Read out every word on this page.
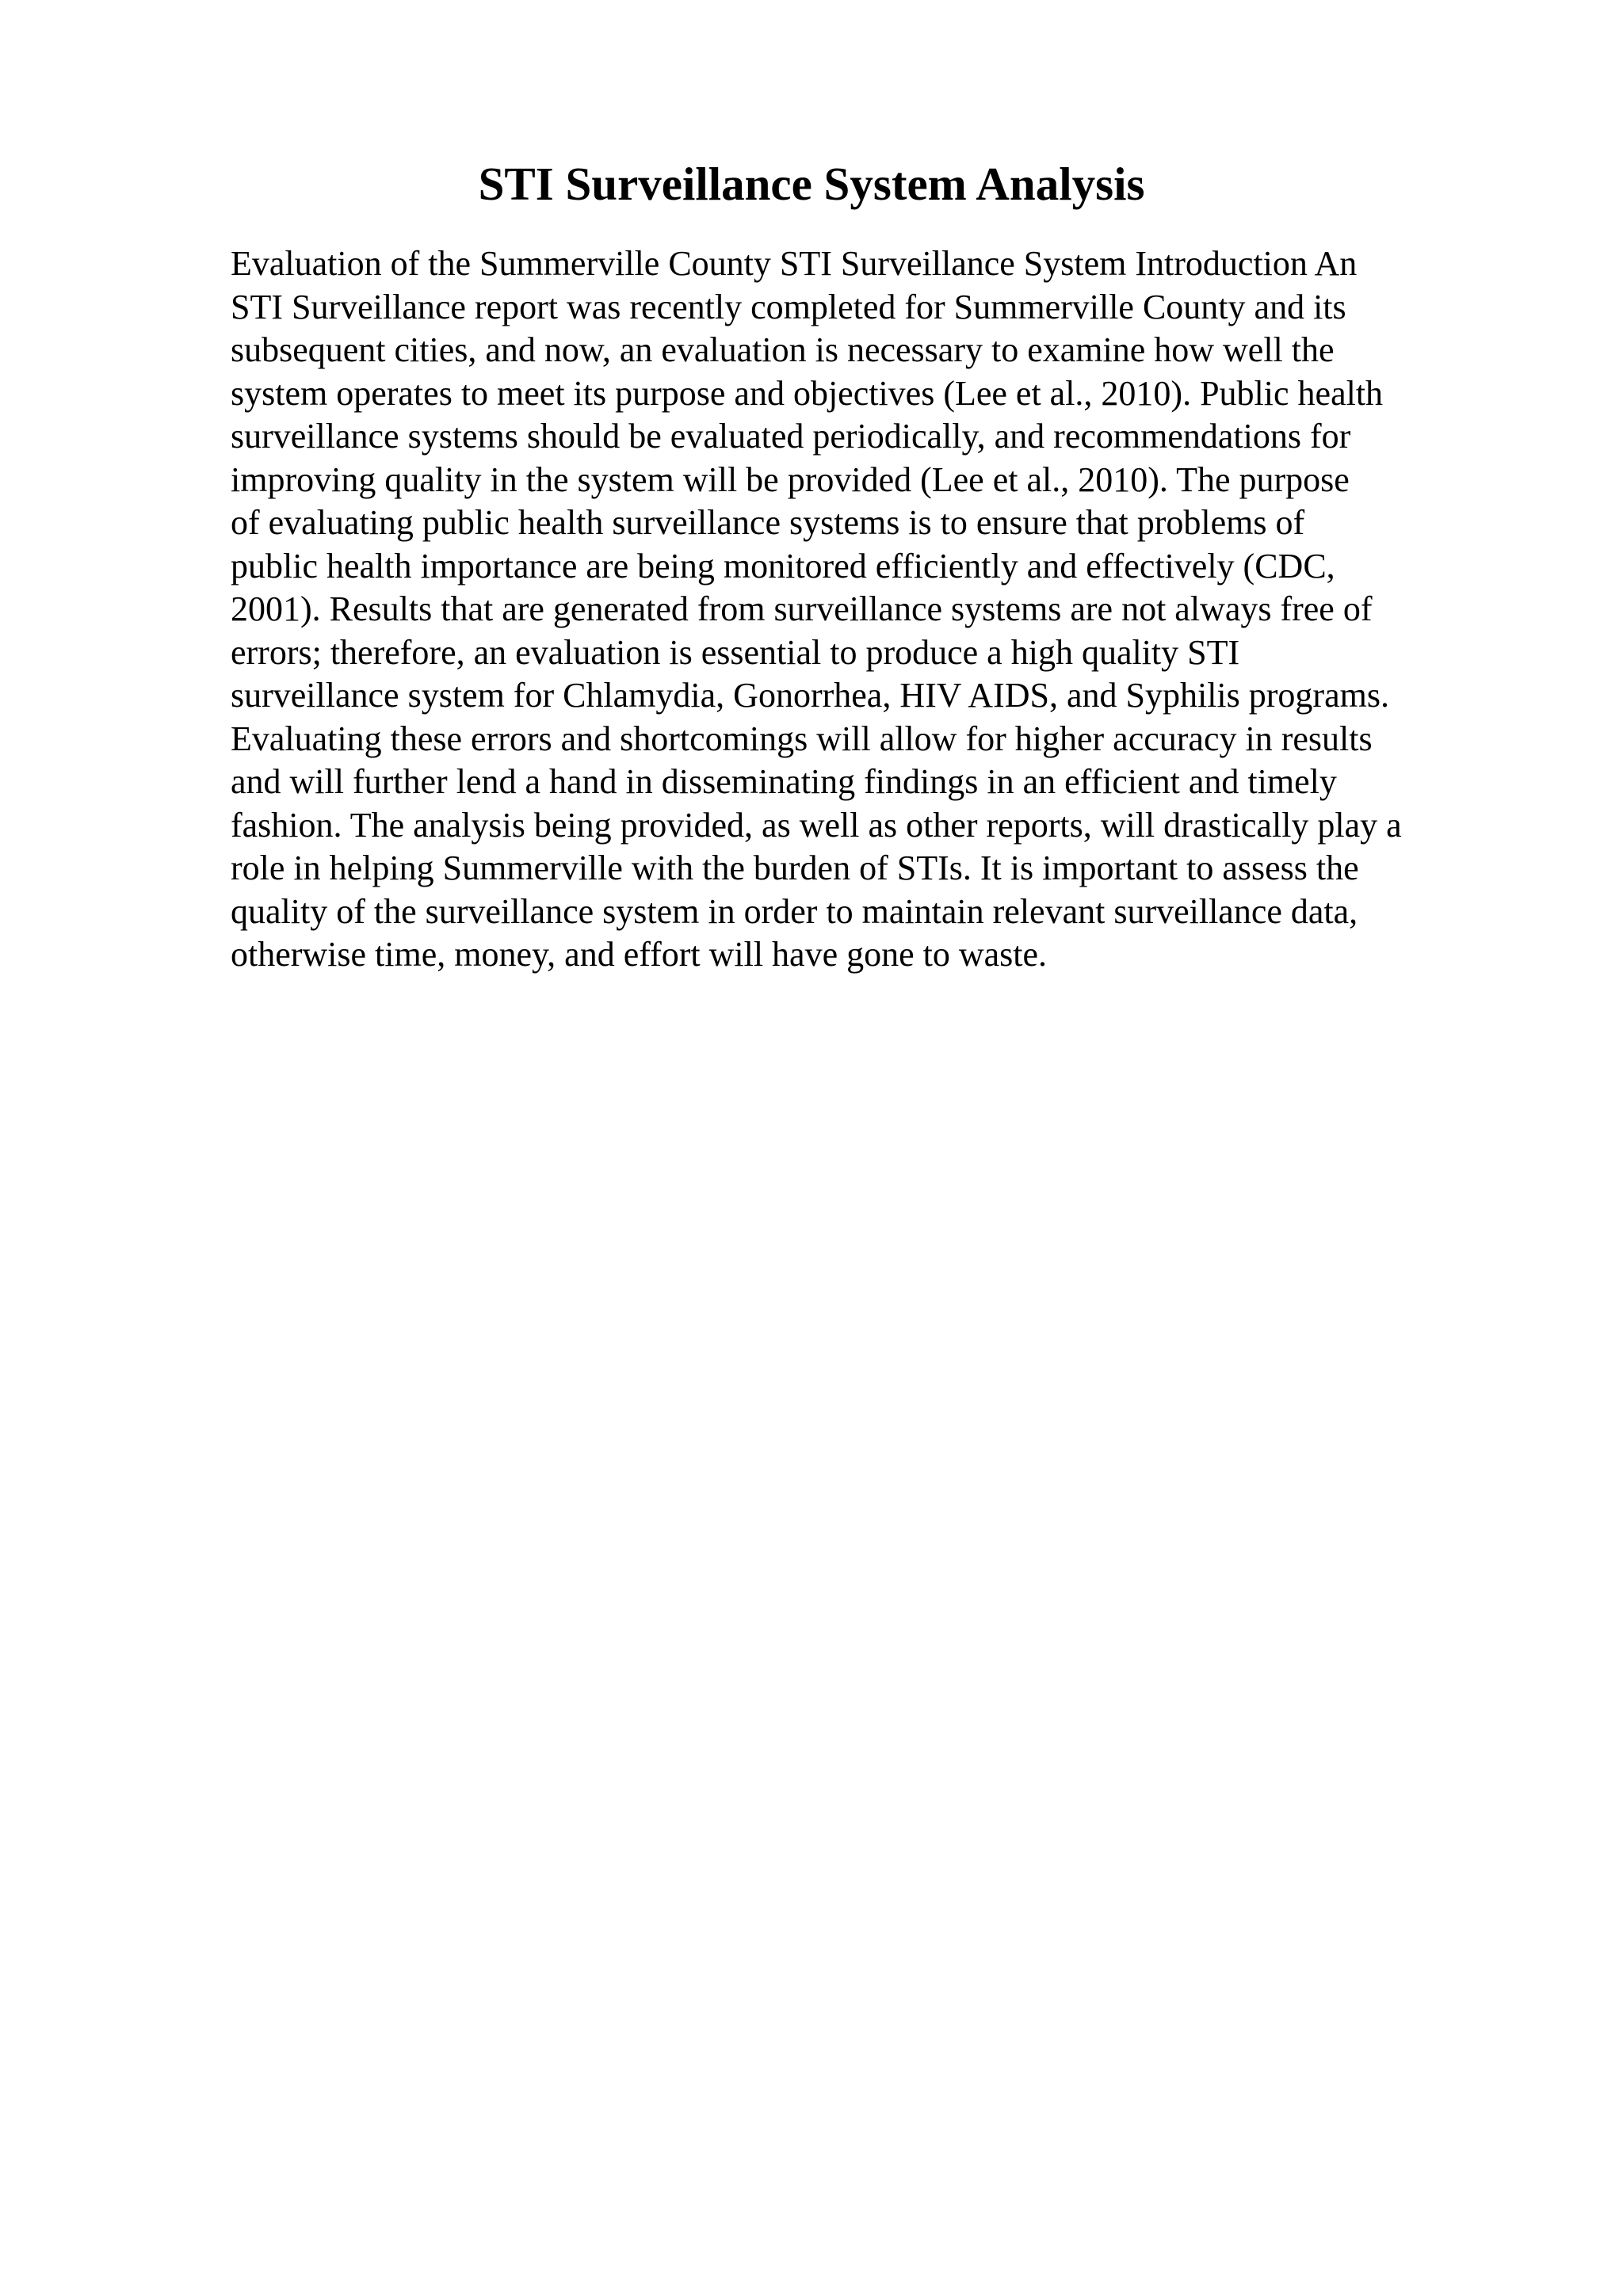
STI Surveillance System Analysis
Evaluation of the Summerville County STI Surveillance System Introduction An
STI Surveillance report was recently completed for Summerville County and its
subsequent cities, and now, an evaluation is necessary to examine how well the
system operates to meet its purpose and objectives (Lee et al., 2010). Public health
surveillance systems should be evaluated periodically, and recommendations for
improving quality in the system will be provided (Lee et al., 2010). The purpose
of evaluating public health surveillance systems is to ensure that problems of
public health importance are being monitored efficiently and effectively (CDC,
2001). Results that are generated from surveillance systems are not always free of
errors; therefore, an evaluation is essential to produce a high quality STI
surveillance system for Chlamydia, Gonorrhea, HIV AIDS, and Syphilis programs.
Evaluating these errors and shortcomings will allow for higher accuracy in results
and will further lend a hand in disseminating findings in an efficient and timely
fashion. The analysis being provided, as well as other reports, will drastically play a
role in helping Summerville with the burden of STIs. It is important to assess the
quality of the surveillance system in order to maintain relevant surveillance data,
otherwise time, money, and effort will have gone to waste.
